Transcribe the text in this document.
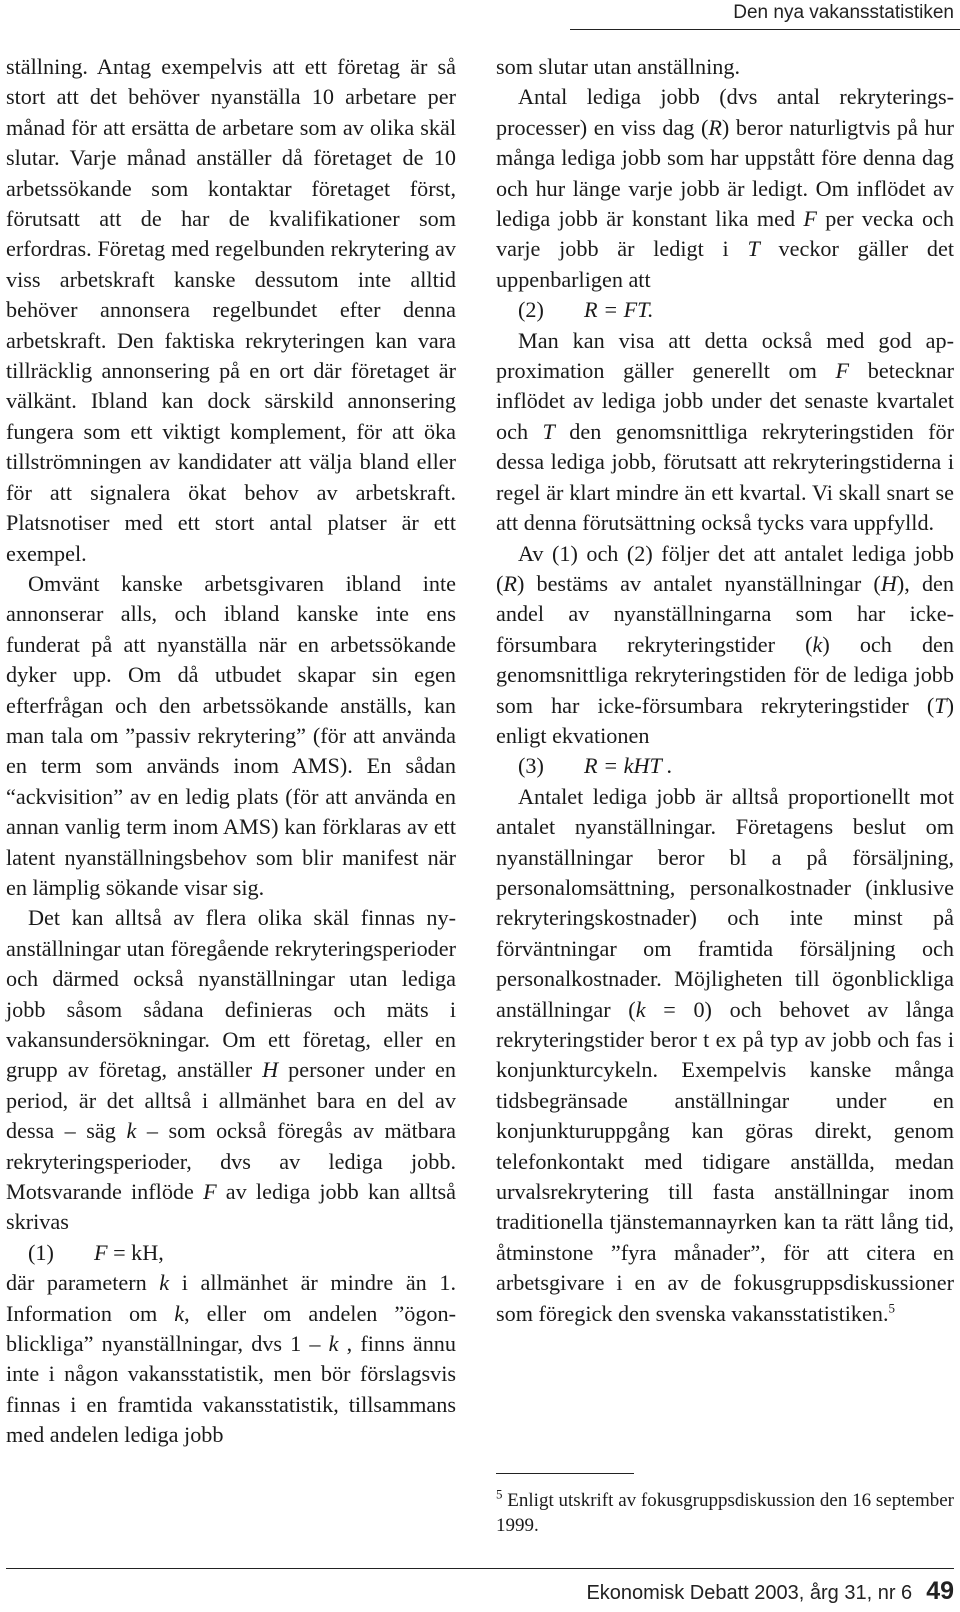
Den nya vakansstatistiken

ställning. Antag exempelvis att ett företag är så stort att det behöver nyanställa 10 arbetare per månad för att ersätta de arbetare som av olika skäl slutar. Varje månad anställer då företaget de 10 arbetssökande som kontaktar företaget först, förutsatt att de har de kvalifikationer som erfordras. Företag med regelbunden rekrytering av viss arbetskraft kanske dessutom inte alltid behöver annonsera regelbundet efter denna arbetskraft. Den faktiska rekryteringen kan vara tillräcklig annonsering på en ort där företaget är välkänt. Ibland kan dock särskild annonsering fungera som ett viktigt komplement, för att öka tillströmningen av kandidater att välja bland eller för att signalera ökat behov av arbetskraft. Platsnotiser med ett stort antal platser är ett exempel.

Omvänt kanske arbetsgivaren ibland inte annonserar alls, och ibland kanske inte ens funderat på att nyanställa när en arbetssökande dyker upp. Om då utbudet skapar sin egen efterfrågan och den arbetssökande anställs, kan man tala om ”passiv rekrytering” (för att använda en term som används inom AMS). En sådan “ackvisition” av en ledig plats (för att använda en annan vanlig term inom AMS) kan förklaras av ett latent nyanställningsbehov som blir manifest när en lämplig sökande visar sig.

Det kan alltså av flera olika skäl finnas nyanställningar utan föregående rekryteringsperioder och därmed också nyanställningar utan lediga jobb såsom sådana definieras och mäts i vakansundersökningar. Om ett företag, eller en grupp av företag, anställer H personer under en period, är det alltså i allmänhet bara en del av dessa – säg k – som också föregås av mätbara rekryteringsperioder, dvs av lediga jobb. Motsvarande inflöde F av lediga jobb kan alltså skrivas

(1) F = kH,

där parametern k i allmänhet är mindre än 1. Information om k, eller om andelen ”ögonblickliga” nyanställningar, dvs 1 – k , finns ännu inte i någon vakansstatistik, men bör förslagsvis finnas i en framtida vakansstatistik, tillsammans med andelen lediga jobb

som slutar utan anställning.

Antal lediga jobb (dvs antal rekryteringsprocesser) en viss dag (R) beror naturligtvis på hur många lediga jobb som har uppstått före denna dag och hur länge varje jobb är ledigt. Om inflödet av lediga jobb är konstant lika med F per vecka och varje jobb är ledigt i T veckor gäller det uppenbarligen att

(2) R = FT.

Man kan visa att detta också med god approximation gäller generellt om F betecknar inflödet av lediga jobb under det senaste kvartalet och T den genomsnittliga rekryteringstiden för dessa lediga jobb, förutsatt att rekryteringstiderna i regel är klart mindre än ett kvartal. Vi skall snart se att denna förutsättning också tycks vara uppfylld.

Av (1) och (2) följer det att antalet lediga jobb (R) bestäms av antalet nyanställningar (H), den andel av nyanställningarna som har icke-försumbara rekryteringstider (k) och den genomsnittliga rekryteringstiden för de lediga jobb som har icke-försumbara rekryteringstider (T) enligt ekvationen

(3) R = kHT .

Antalet lediga jobb är alltså proportionellt mot antalet nyanställningar. Företagens beslut om nyanställningar beror bl a på försäljning, personalomsättning, personalkostnader (inklusive rekryteringskostnader) och inte minst på förväntningar om framtida försäljning och personalkostnader. Möjligheten till ögonblickliga anställningar (k = 0) och behovet av långa rekryteringstider beror t ex på typ av jobb och fas i konjunkturcykeln. Exempelvis kanske många tidsbegränsade anställningar under en konjunkturuppgång kan göras direkt, genom telefonkontakt med tidigare anställda, medan urvalsrekrytering till fasta anställningar inom traditionella tjänstemannayrken kan ta rätt lång tid, åtminstone ”fyra månader”, för att citera en arbetsgivare i en av de fokusgruppsdiskussioner som föregick den svenska vakansstatistiken.$^5$

$^5$ Enligt utskrift av fokusgruppsdiskussion den 16 september 1999.
Ekonomisk Debatt 2003, årg 31, nr 6 49
